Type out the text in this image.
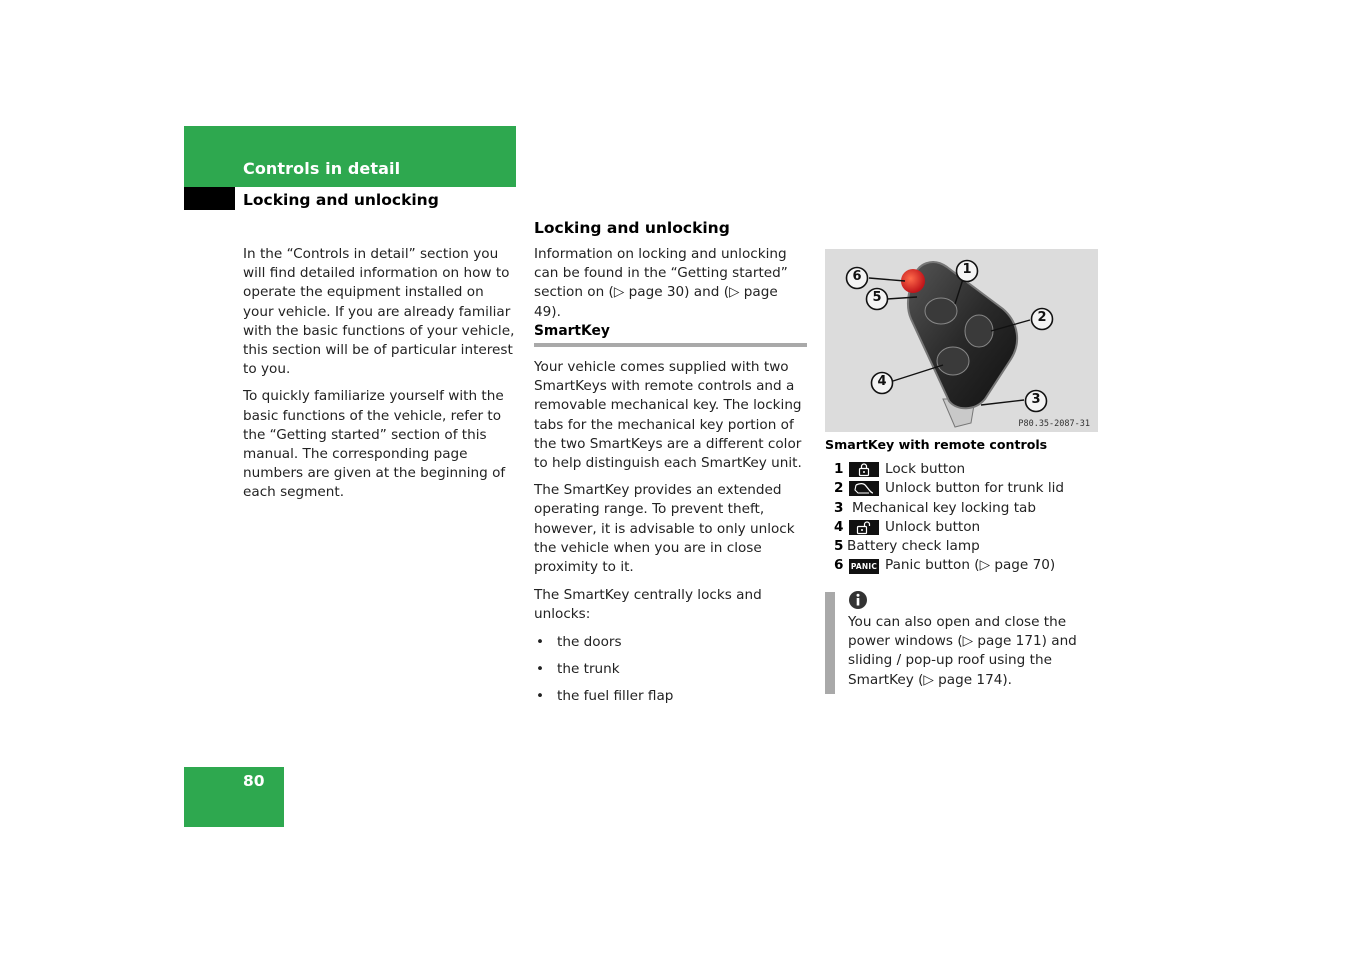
Controls in detail
Locking and unlocking

In the “Controls in detail” section you will find detailed information on how to operate the equipment installed on your vehicle. If you are already familiar with the basic functions of your vehicle, this section will be of particular interest to you.

To quickly familiarize yourself with the basic functions of the vehicle, refer to the “Getting started” section of this manual. The corresponding page numbers are given at the beginning of each segment.

Locking and unlocking
Information on locking and unlocking can be found in the “Getting started” section on (▷ page 30) and (▷ page 49).
SmartKey

Your vehicle comes supplied with two SmartKeys with remote controls and a removable mechanical key. The locking tabs for the mechanical key portion of the two SmartKeys are a different color to help distinguish each SmartKey unit.

The SmartKey provides an extended operating range. To prevent theft, however, it is advisable to only unlock the vehicle when you are in close proximity to it.

The SmartKey centrally locks and unlocks:

• the doors
• the trunk
• the fuel filler flap
6
5
1
2
4
3
P80.35-2087-31
SmartKey with remote controls
1	Lock button
2	Unlock button for trunk lid
3 Mechanical key locking tab
4	Unlock button
5 Battery check lamp
6 PANIC Panic button (▷ page 70)
You can also open and close the power windows (▷ page 171) and sliding / pop-up roof using the SmartKey (▷ page 174).
80
